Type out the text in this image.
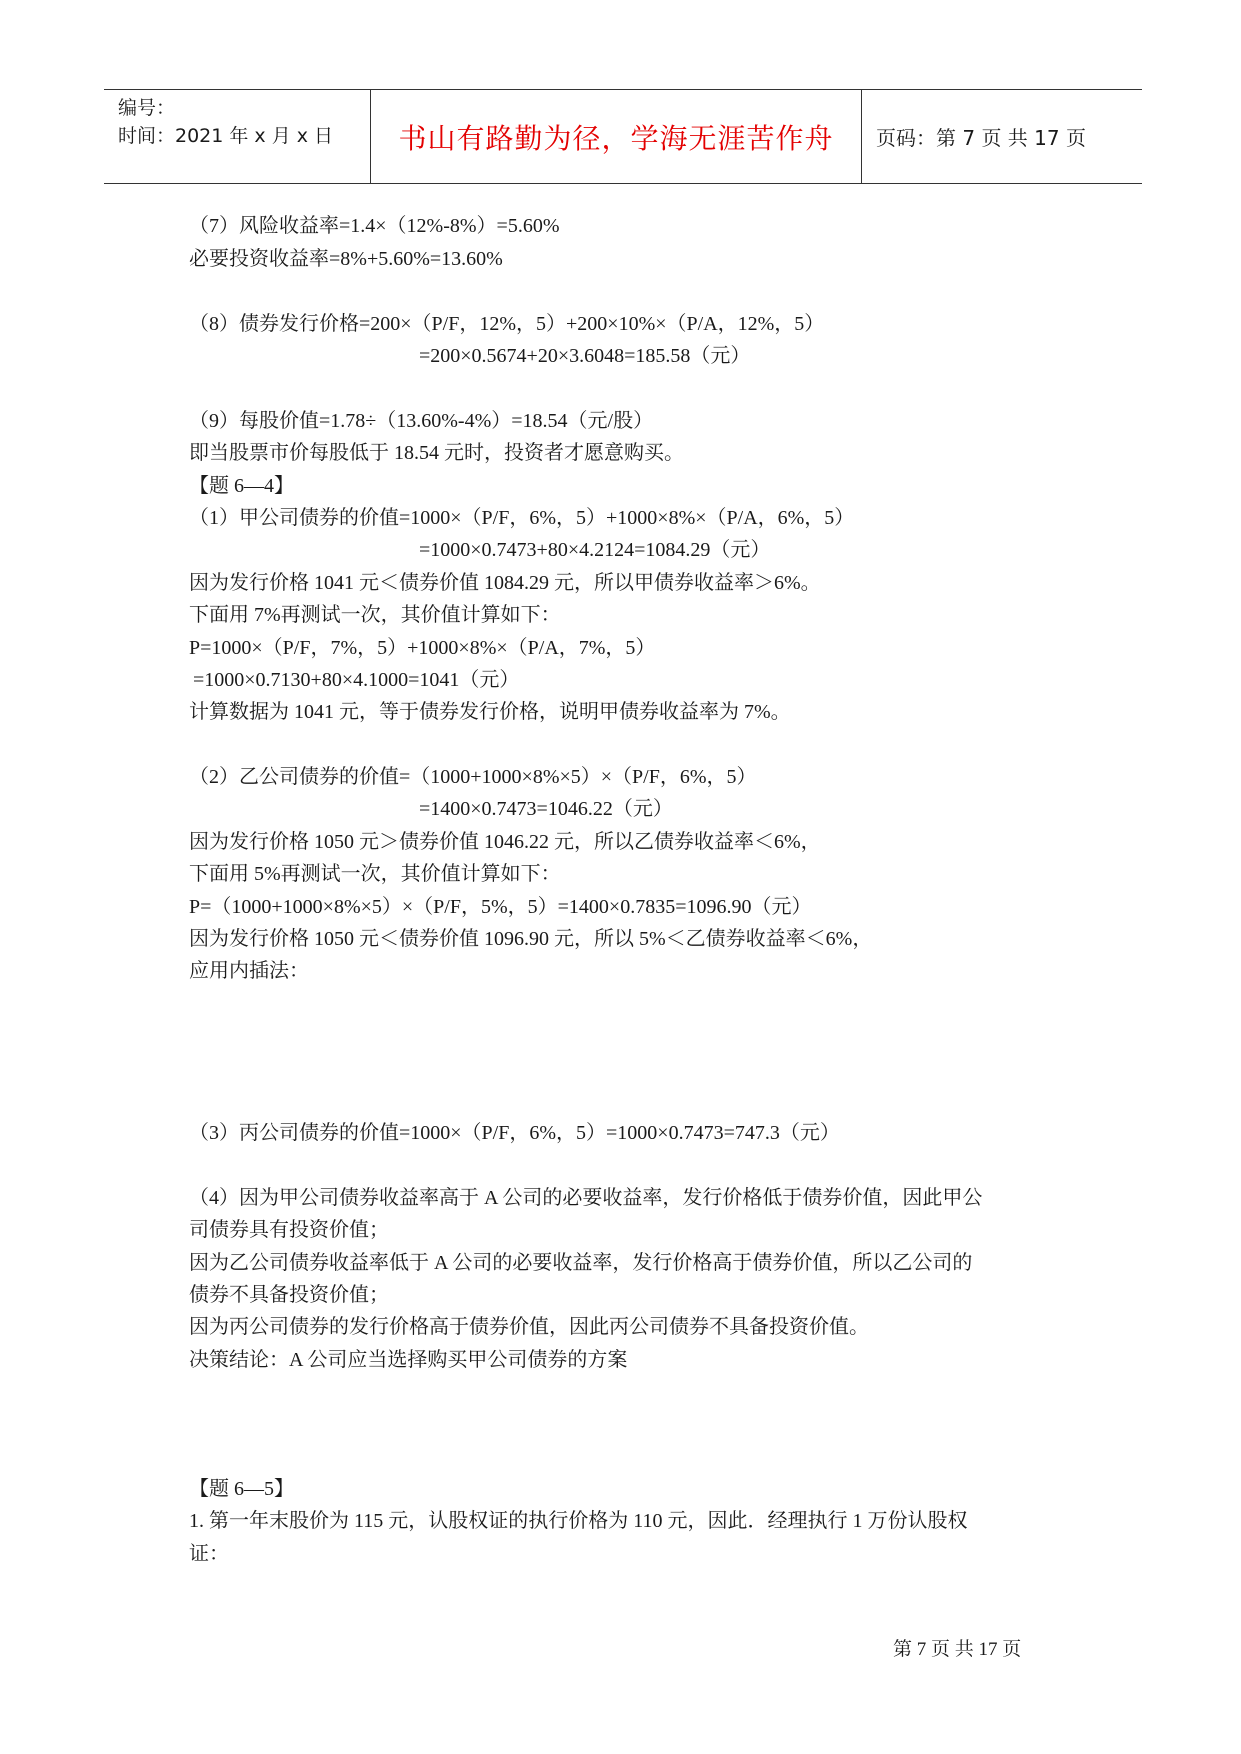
编号：
时间：2021 年 x 月 x 日	书山有路勤为径，学海无涯苦作舟	页码：第 7 页 共 17 页
（7）风险收益率=1.4×（12%-8%）=5.60%
必要投资收益率=8%+5.60%=13.60%
（8）债券发行价格=200×（P/F，12%，5）+200×10%×（P/A，12%，5）
=200×0.5674+20×3.6048=185.58（元）
（9）每股价值=1.78÷（13.60%-4%）=18.54（元/股）
即当股票市价每股低于 18.54 元时，投资者才愿意购买。
【题 6—4】
（1）甲公司债券的价值=1000×（P/F，6%，5）+1000×8%×（P/A，6%，5）
=1000×0.7473+80×4.2124=1084.29（元）
因为发行价格 1041 元＜债券价值 1084.29 元，所以甲债券收益率＞6%。
下面用 7%再测试一次，其价值计算如下：
P=1000×（P/F，7%，5）+1000×8%×（P/A，7%，5）
=1000×0.7130+80×4.1000=1041（元）
计算数据为 1041 元，等于债券发行价格，说明甲债券收益率为 7%。
（2）乙公司债券的价值=（1000+1000×8%×5）×（P/F，6%，5）
=1400×0.7473=1046.22（元）
因为发行价格 1050 元＞债券价值 1046.22 元，所以乙债券收益率＜6%，
下面用 5%再测试一次，其价值计算如下：
P=（1000+1000×8%×5）×（P/F，5%，5）=1400×0.7835=1096.90（元）
因为发行价格 1050 元＜债券价值 1096.90 元，所以 5%＜乙债券收益率＜6%，
应用内插法：
（3）丙公司债券的价值=1000×（P/F，6%，5）=1000×0.7473=747.3（元）
（4）因为甲公司债券收益率高于 A 公司的必要收益率，发行价格低于债券价值，因此甲公
司债券具有投资价值；
因为乙公司债券收益率低于 A 公司的必要收益率，发行价格高于债券价值，所以乙公司的
债券不具备投资价值；
因为丙公司债券的发行价格高于债券价值，因此丙公司债券不具备投资价值。
决策结论：A 公司应当选择购买甲公司债券的方案
【题 6—5】
1. 第一年末股价为 115 元，认股权证的执行价格为 110 元，因此．经理执行 1 万份认股权
证：
第 7 页 共 17 页
